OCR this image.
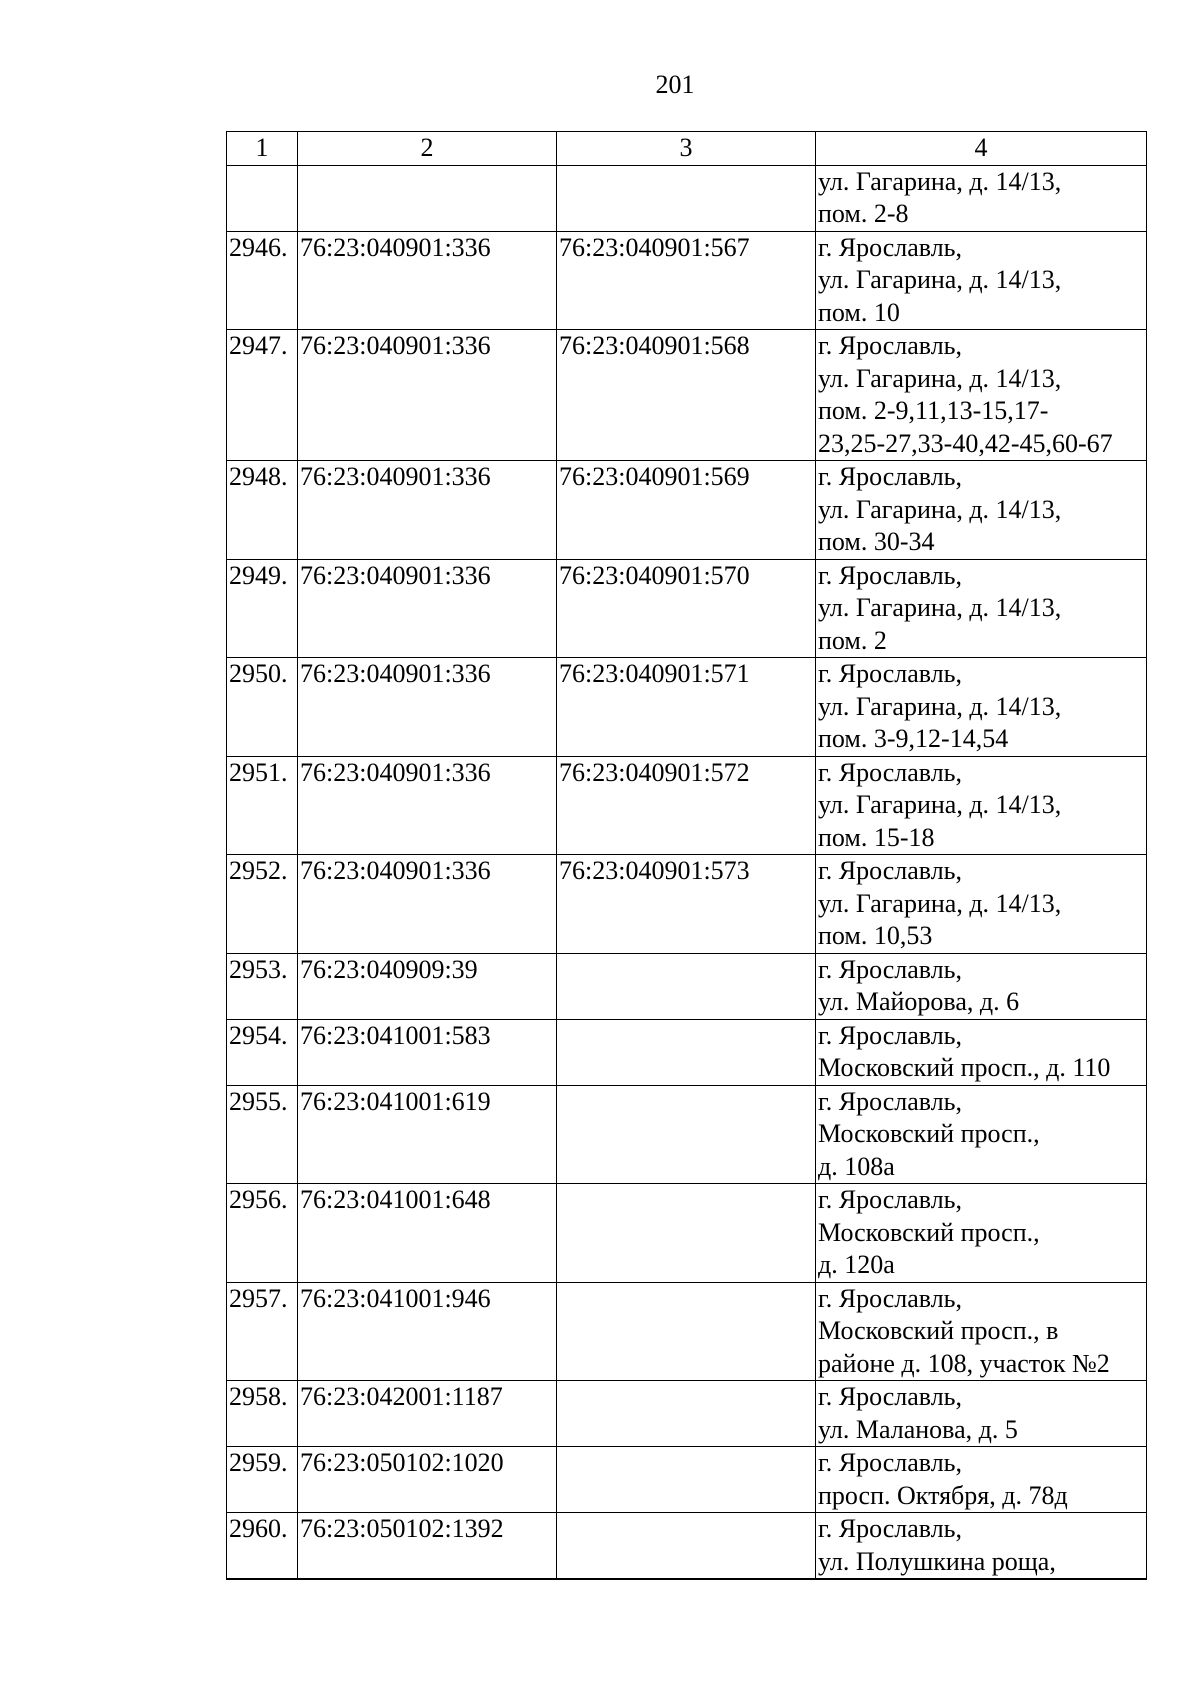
201
1	2	3	4
			ул. Гагарина, д. 14/13,
пом. 2-8
2946.	76:23:040901:336	76:23:040901:567	г. Ярославль,
ул. Гагарина, д. 14/13,
пом. 10
2947.	76:23:040901:336	76:23:040901:568	г. Ярославль,
ул. Гагарина, д. 14/13,
пом. 2-9,11,13-15,17-
23,25-27,33-40,42-45,60-67
2948.	76:23:040901:336	76:23:040901:569	г. Ярославль,
ул. Гагарина, д. 14/13,
пом. 30-34
2949.	76:23:040901:336	76:23:040901:570	г. Ярославль,
ул. Гагарина, д. 14/13,
пом. 2
2950.	76:23:040901:336	76:23:040901:571	г. Ярославль,
ул. Гагарина, д. 14/13,
пом. 3-9,12-14,54
2951.	76:23:040901:336	76:23:040901:572	г. Ярославль,
ул. Гагарина, д. 14/13,
пом. 15-18
2952.	76:23:040901:336	76:23:040901:573	г. Ярославль,
ул. Гагарина, д. 14/13,
пом. 10,53
2953.	76:23:040909:39		г. Ярославль,
ул. Майорова, д. 6
2954.	76:23:041001:583		г. Ярославль,
Московский просп., д. 110
2955.	76:23:041001:619		г. Ярославль,
Московский просп.,
д. 108а
2956.	76:23:041001:648		г. Ярославль,
Московский просп.,
д. 120а
2957.	76:23:041001:946		г. Ярославль,
Московский просп., в
районе д. 108, участок №2
2958.	76:23:042001:1187		г. Ярославль,
ул. Маланова, д. 5
2959.	76:23:050102:1020		г. Ярославль,
просп. Октября, д. 78д
2960.	76:23:050102:1392		г. Ярославль,
ул. Полушкина роща,
